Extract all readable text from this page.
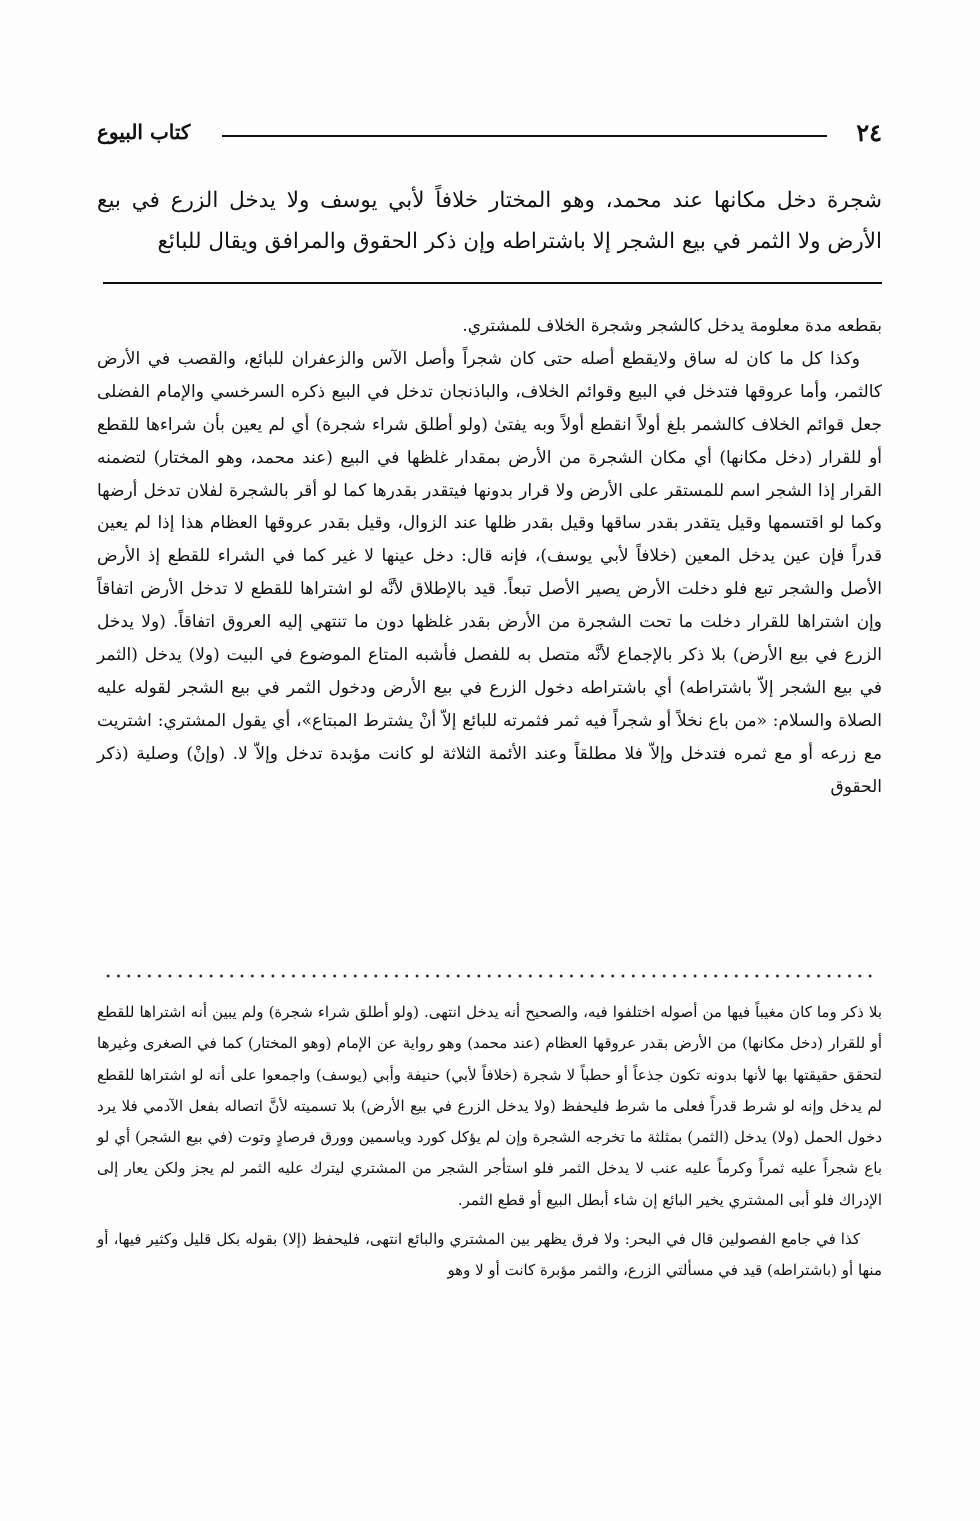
٢٤
كتاب البيوع

شجرة دخل مكانها عند محمد، وهو المختار خلافاً لأبي يوسف ولا يدخل الزرع في بيع الأرض ولا الثمر في بيع الشجر إلا باشتراطه وإن ذكر الحقوق والمرافق ويقال للبائع

بقطعه مدة معلومة يدخل كالشجر وشجرة الخلاف للمشتري.

وكذا كل ما كان له ساق ولايقطع أصله حتى كان شجراً وأصل الآس والزعفران للبائع، والقصب في الأرض كالثمر، وأما عروقها فتدخل في البيع وقوائم الخلاف، والباذنجان تدخل في البيع ذكره السرخسي والإمام الفضلى جعل قوائم الخلاف كالشمر بلغ أولاً انقطع أولاً وبه يفتىٰ (ولو أطلق شراء شجرة) أي لم يعين بأن شراءها للقطع أو للقرار (دخل مكانها) أي مكان الشجرة من الأرض بمقدار غلظها في البيع (عند محمد، وهو المختار) لتضمنه القرار إذا الشجر اسم للمستقر على الأرض ولا قرار بدونها فيتقدر بقدرها كما لو أقر بالشجرة لفلان تدخل أرضها وكما لو اقتسمها وقيل يتقدر بقدر ساقها وقيل بقدر ظلها عند الزوال، وقيل بقدر عروقها العظام هذا إذا لم يعين قدراً فإن عين يدخل المعين (خلافاً لأبي يوسف)، فإنه قال: دخل عينها لا غير كما في الشراء للقطع إذ الأرض الأصل والشجر تبع فلو دخلت الأرض يصير الأصل تبعاً. قيد بالإطلاق لأنَّه لو اشتراها للقطع لا تدخل الأرض اتفاقاً وإن اشتراها للقرار دخلت ما تحت الشجرة من الأرض بقدر غلظها دون ما تنتهي إليه العروق اتفاقاً. (ولا يدخل الزرع في بيع الأرض) بلا ذكر بالإجماع لأنَّه متصل به للفصل فأشبه المتاع الموضوع في البيت (ولا) يدخل (الثمر في بيع الشجر إلاّ باشتراطه) أي باشتراطه دخول الزرع في بيع الأرض ودخول الثمر في بيع الشجر لقوله عليه الصلاة والسلام: «من باع نخلاً أو شجراً فيه ثمر فثمرته للبائع إلاّ أنْ يشترط المبتاع»، أي يقول المشتري: اشتريت مع زرعه أو مع ثمره فتدخل وإلاّ فلا مطلقاً وعند الأئمة الثلاثة لو كانت مؤبدة تدخل وإلاّ لا. (وإنْ) وصلية (ذكر الحقوق

بلا ذكر وما كان مغيباً فيها من أصوله اختلفوا فيه، والصحيح أنه يدخل انتهى. (ولو أطلق شراء شجرة) ولم يبين أنه اشتراها للقطع أو للقرار (دخل مكانها) من الأرض بقدر عروقها العظام (عند محمد) وهو رواية عن الإمام (وهو المختار) كما في الصغرى وغيرها لتحقق حقيقتها بها لأنها بدونه تكون جذعاً أو حطباً لا شجرة (خلافاً لأبي) حنيفة وأبي (يوسف) واجمعوا على أنه لو اشتراها للقطع لم يدخل وإنه لو شرط قدراً فعلى ما شرط فليحفظ (ولا يدخل الزرع في بيع الأرض) بلا تسميته لأنَّ اتصاله بفعل الآدمي فلا يرد دخول الحمل (ولا) يدخل (الثمر) بمثلثة ما تخرجه الشجرة وإن لم يؤكل كورد وياسمين وورق فرصادٍ وتوت (في بيع الشجر) أي لو باع شجراً عليه ثمراً وكرماً عليه عنب لا يدخل الثمر فلو استأجر الشجر من المشتري ليترك عليه الثمر لم يجز ولكن يعار إلى الإدراك فلو أبى المشتري يخير البائع إن شاء أبطل البيع أو قطع الثمر.

كذا في جامع الفصولين قال في البحر: ولا فرق يظهر بين المشتري والبائع انتهى، فليحفظ (إلا) بقوله بكل قليل وكثير فيها، أو منها أو (باشتراطه) قيد في مسألتي الزرع، والثمر مؤبرة كانت أو لا وهو
